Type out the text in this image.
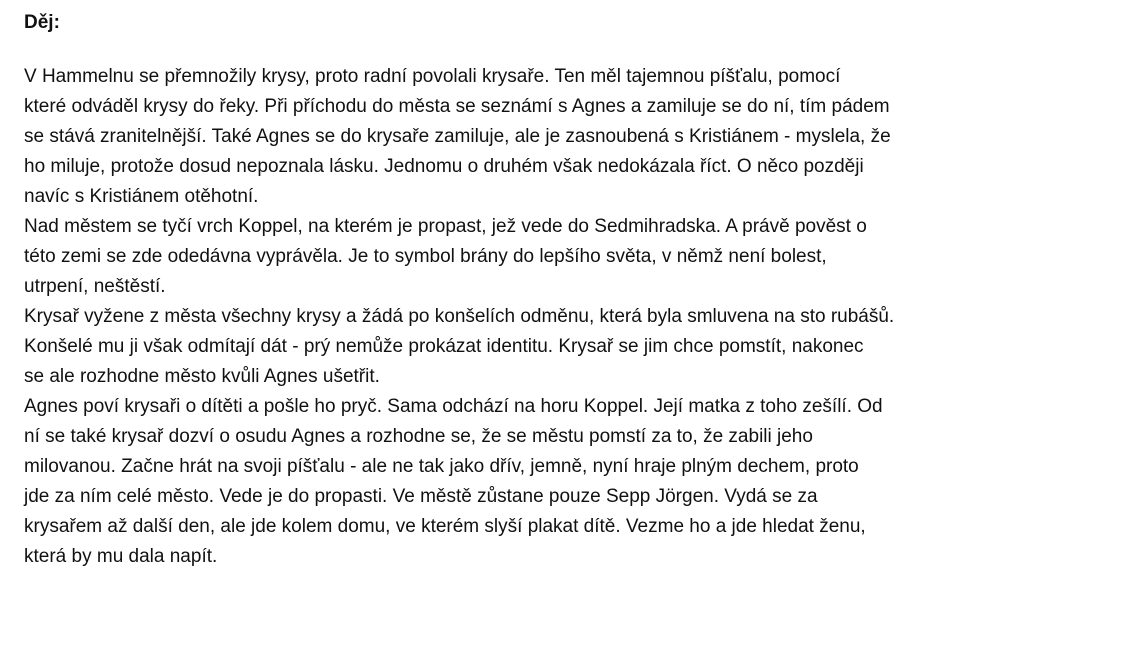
Děj:

V Hammelnu se přemnožily krysy, proto radní povolali krysaře. Ten měl tajemnou píšťalu, pomocí
které odváděl krysy do řeky. Při příchodu do města se seznámí s Agnes a zamiluje se do ní, tím pádem
se stává zranitelnější. Také Agnes se do krysaře zamiluje, ale je zasnoubená s Kristiánem - myslela, že
ho miluje, protože dosud nepoznala lásku. Jednomu o druhém však nedokázala říct. O něco později
navíc s Kristiánem otěhotní.

Nad městem se tyčí vrch Koppel, na kterém je propast, jež vede do Sedmihradska. A právě pověst o
této zemi se zde odedávna vyprávěla. Je to symbol brány do lepšího světa, v němž není bolest,
utrpení, neštěstí.

Krysař vyžene z města všechny krysy a žádá po konšelích odměnu, která byla smluvena na sto rubášů.
Konšelé mu ji však odmítají dát - prý nemůže prokázat identitu. Krysař se jim chce pomstít, nakonec
se ale rozhodne město kvůli Agnes ušetřit.

Agnes poví krysaři o dítěti a pošle ho pryč. Sama odchází na horu Koppel. Její matka z toho zešílí. Od
ní se také krysař dozví o osudu Agnes a rozhodne se, že se městu pomstí za to, že zabili jeho
milovanou. Začne hrát na svoji píšťalu - ale ne tak jako dřív, jemně, nyní hraje plným dechem, proto
jde za ním celé město. Vede je do propasti. Ve městě zůstane pouze Sepp Jörgen. Vydá se za
krysařem až další den, ale jde kolem domu, ve kterém slyší plakat dítě. Vezme ho a jde hledat ženu,
která by mu dala napít.
